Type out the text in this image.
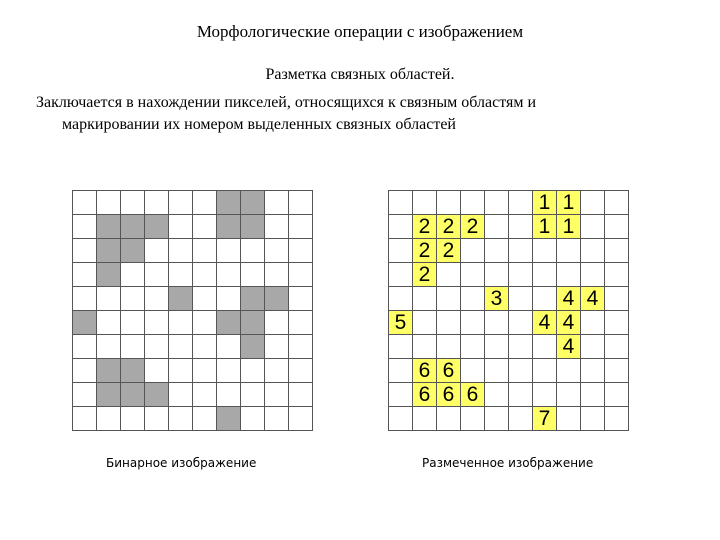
Морфологические операции с изображением
Разметка связных областей.
Заключается в нахождении пикселей, относящихся к связным областям и
маркировании их номером выделенных связных областей
1 1
2 2 2	1 1
2 2
2
3	4 4
5	4 4
4
6 6
6 6 6
7
Бинарное изображение	Размеченное изображение
